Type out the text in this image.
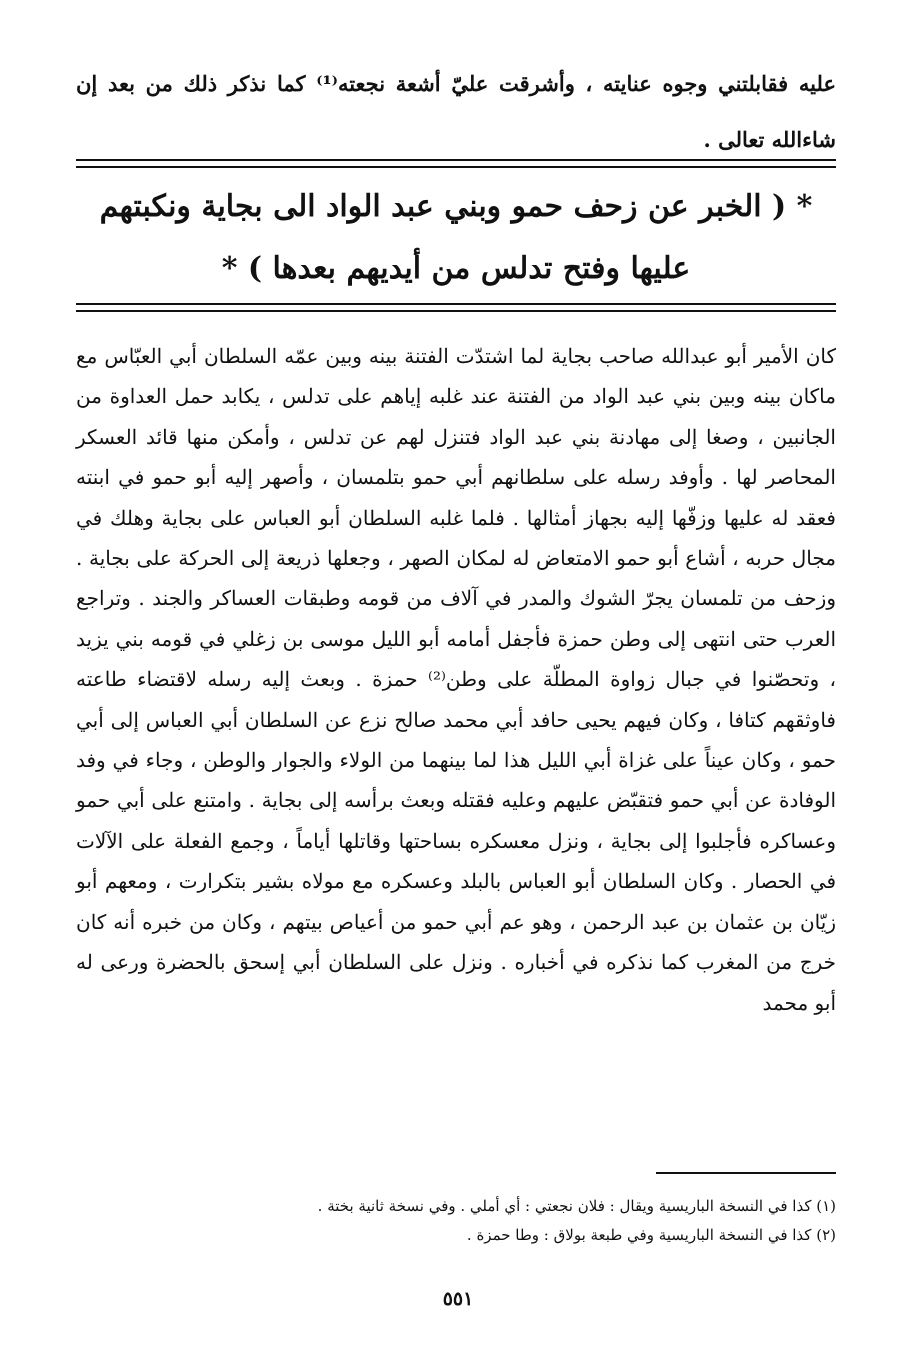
عليه فقابلتني وجوه عنايته ، وأشرقت عليّ أشعة نجعته⁽¹⁾ كما نذكر ذلك من بعد إن شاءالله تعالى .

* ( الخبر عن زحف حمو وبني عبد الواد الى بجاية ونكبتهم

عليها وفتح تدلس من أيديهم بعدها ) *

كان الأمير أبو عبدالله صاحب بجاية لما اشتدّت الفتنة بينه وبين عمّه السلطان أبي العبّاس مع ماكان بينه وبين بني عبد الواد من الفتنة عند غلبه إياهم على تدلس ، يكابد حمل العداوة من الجانبين ، وصغا إلى مهادنة بني عبد الواد فتنزل لهم عن تدلس ، وأمكن منها قائد العسكر المحاصر لها . وأوفد رسله على سلطانهم أبي حمو بتلمسان ، وأصهر إليه أبو حمو في ابنته فعقد له عليها وزفّها إليه بجهاز أمثالها . فلما غلبه السلطان أبو العباس على بجاية وهلك في مجال حربه ، أشاع أبو حمو الامتعاض له لمكان الصهر ، وجعلها ذريعة إلى الحركة على بجاية . وزحف من تلمسان يجرّ الشوك والمدر في آلاف من قومه وطبقات العساكر والجند . وتراجع العرب حتى انتهى إلى وطن حمزة فأجفل أمامه أبو الليل موسى بن زغلي في قومه بني يزيد ، وتحصّنوا في جبال زواوة المطلّة على وطن⁽²⁾ حمزة . وبعث إليه رسله لاقتضاء طاعته فاوثقهم كتافا ، وكان فيهم يحيى حافد أبي محمد صالح نزع عن السلطان أبي العباس إلى أبي حمو ، وكان عيناً على غزاة أبي الليل هذا لما بينهما من الولاء والجوار والوطن ، وجاء في وفد الوفادة عن أبي حمو فتقبّض عليهم وعليه فقتله وبعث برأسه إلى بجاية . وامتنع على أبي حمو وعساكره فأجلبوا إلى بجاية ، ونزل معسكره بساحتها وقاتلها أياماً ، وجمع الفعلة على الآلات في الحصار . وكان السلطان أبو العباس بالبلد وعسكره مع مولاه بشير بتكرارت ، ومعهم أبو زيّان بن عثمان بن عبد الرحمن ، وهو عم أبي حمو من أعياص بيتهم ، وكان من خبره أنه كان خرج من المغرب كما نذكره في أخباره . ونزل على السلطان أبي إسحق بالحضرة ورعى له أبو محمد

(١) كذا في النسخة الباريسية ويقال : فلان نجعتي : أي أملي . وفي نسخة ثانية بختة .

(٢) كذا في النسخة الباريسية وفي طبعة بولاق : وطا حمزة .

٥٥١
